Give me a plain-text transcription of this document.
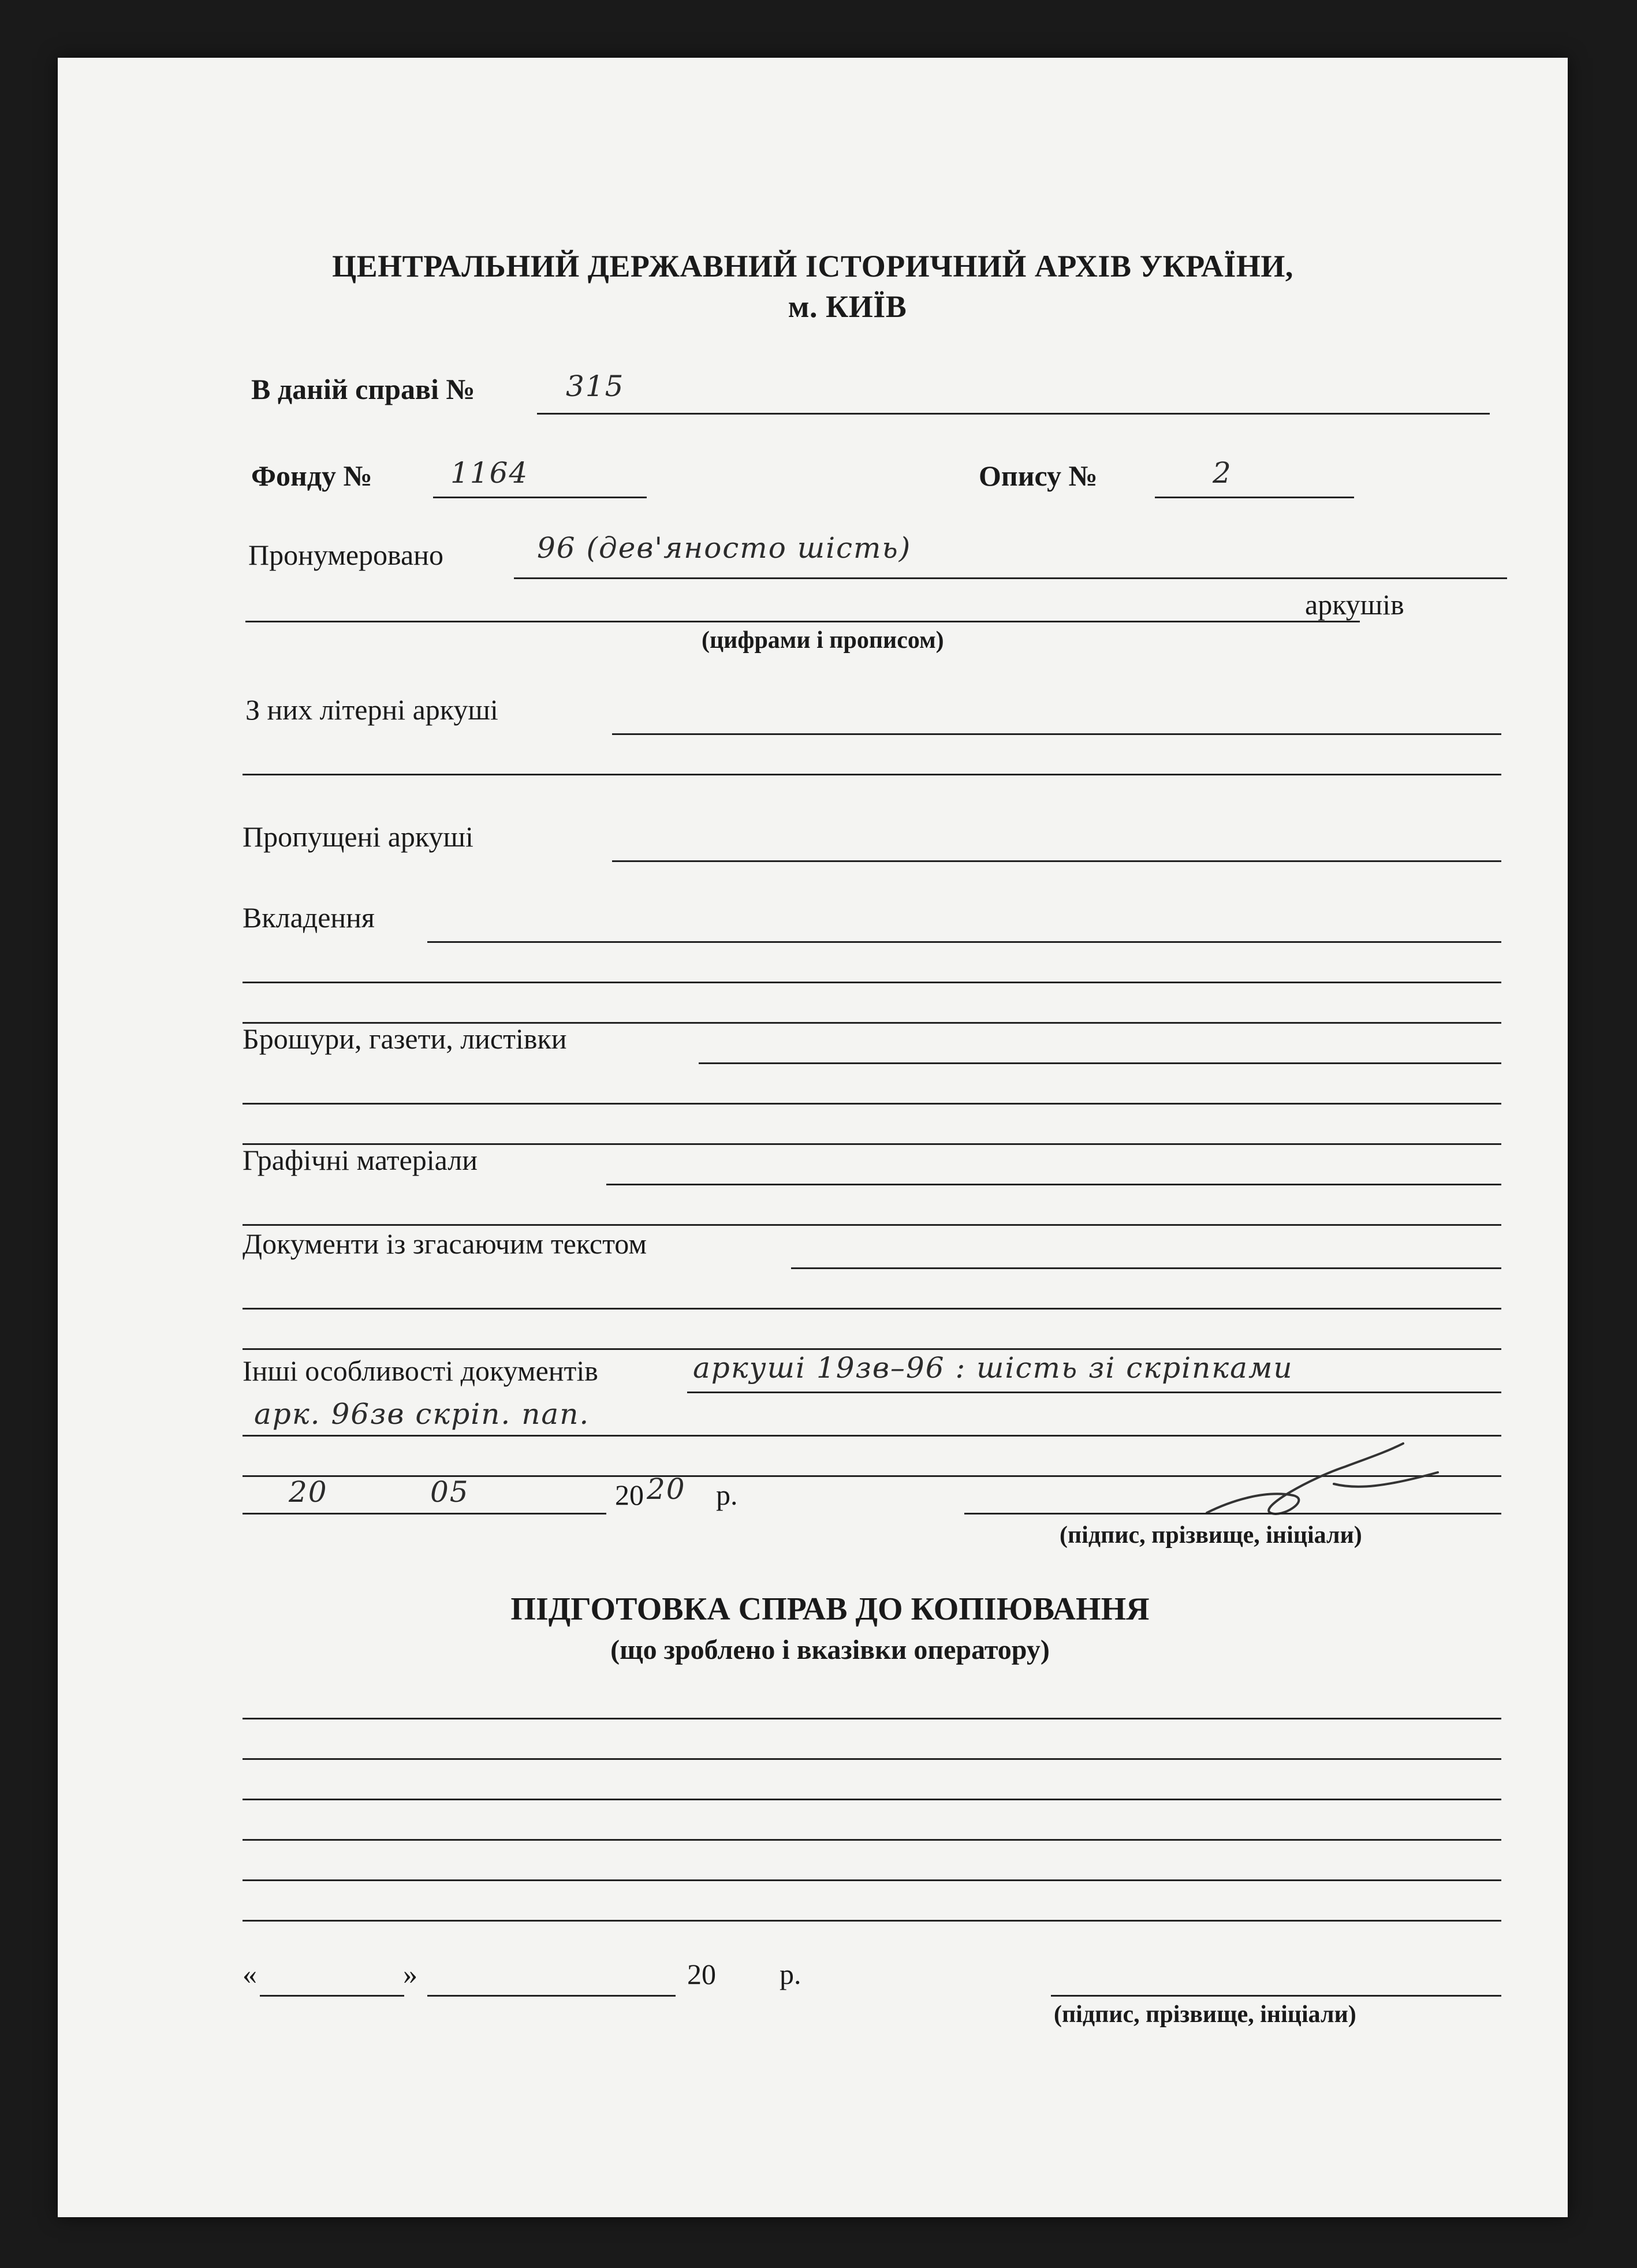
ЦЕНТРАЛЬНИЙ ДЕРЖАВНИЙ ІСТОРИЧНИЙ АРХІВ УКРАЇНИ,
м. КИЇВ
В даній справі №	315
Фонду №	1164	Опису №	2
Пронумеровано	96 (дев'яносто шість)
аркушів
(цифрами і прописом)
З них літерні аркуші
Пропущені аркуші
Вкладення
Брошури, газети, листівки
Графічні матеріали
Документи із згасаючим текстом
Інші особливості документів	аркуші 19зв–96 : шість зі скріпками
арк. 96зв скріп. пап.
20	05	20 20 р.
(підпис, прізвище, ініціали)
ПІДГОТОВКА СПРАВ ДО КОПІЮВАННЯ
(що зроблено і вказівки оператору)
«	»	20 р.
(підпис, прізвище, ініціали)
